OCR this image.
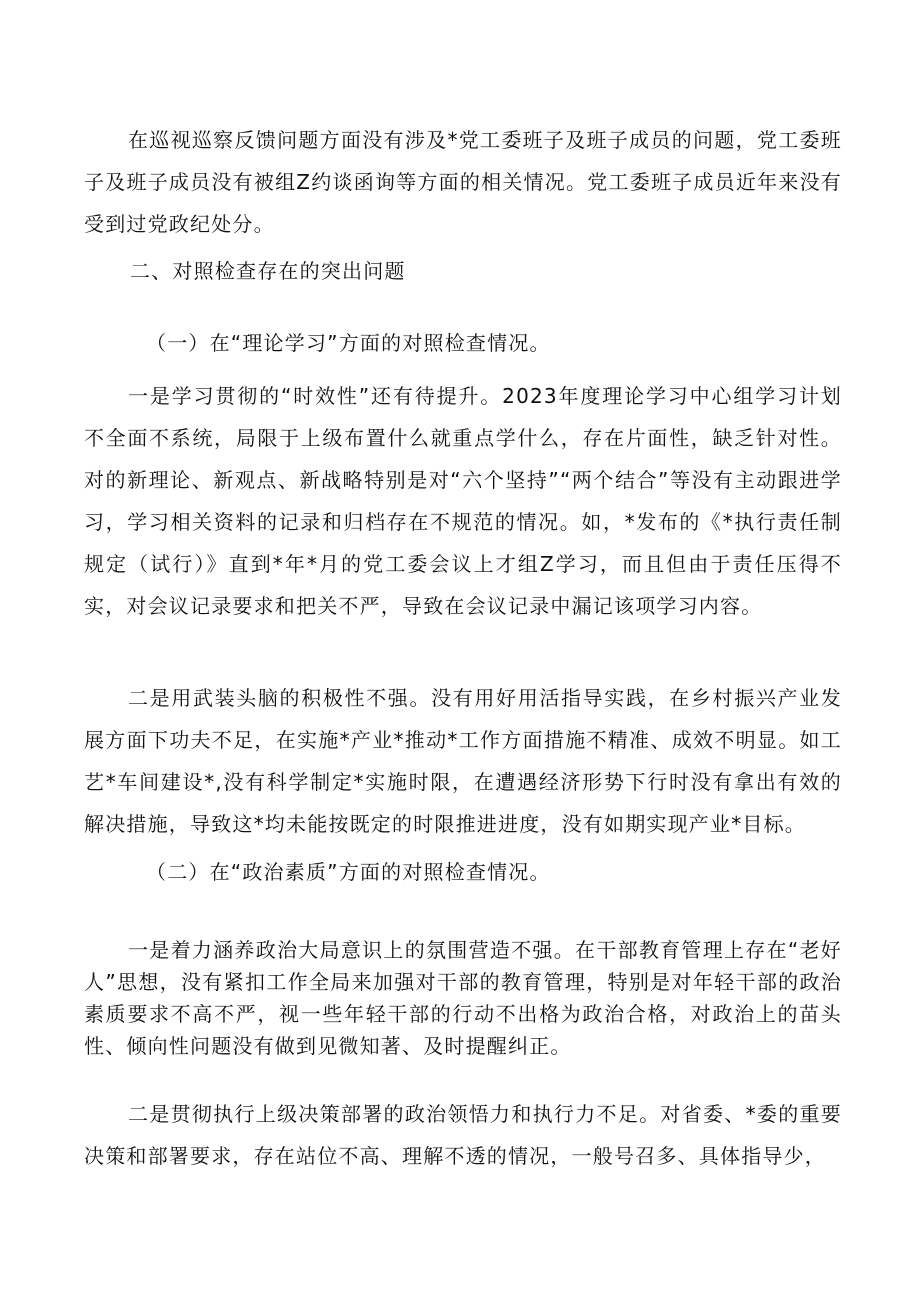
在巡视巡察反馈问题方面没有涉及*党工委班子及班子成员的问题，党工委班子及班子成员没有被组Z约谈函询等方面的相关情况。党工委班子成员近年来没有受到过党政纪处分。

二、对照检查存在的突出问题

（一）在“理论学习”方面的对照检查情况。

一是学习贯彻的“时效性”还有待提升。2023年度理论学习中心组学习计划不全面不系统，局限于上级布置什么就重点学什么，存在片面性，缺乏针对性。对的新理论、新观点、新战略特别是对“六个坚持”“两个结合”等没有主动跟进学习，学习相关资料的记录和归档存在不规范的情况。如，*发布的《*执行责任制规定（试行）》直到*年*月的党工委会议上才组Z学习，而且但由于责任压得不实，对会议记录要求和把关不严，导致在会议记录中漏记该项学习内容。

二是用武装头脑的积极性不强。没有用好用活指导实践，在乡村振兴产业发展方面下功夫不足，在实施*产业*推动*工作方面措施不精准、成效不明显。如工艺*车间建设*,没有科学制定*实施时限，在遭遇经济形势下行时没有拿出有效的解决措施，导致这*均未能按既定的时限推进进度，没有如期实现产业*目标。

（二）在“政治素质”方面的对照检查情况。

一是着力涵养政治大局意识上的氛围营造不强。在干部教育管理上存在“老好人”思想，没有紧扣工作全局来加强对干部的教育管理，特别是对年轻干部的政治素质要求不高不严，视一些年轻干部的行动不出格为政治合格，对政治上的苗头性、倾向性问题没有做到见微知著、及时提醒纠正。

二是贯彻执行上级决策部署的政治领悟力和执行力不足。对省委、*委的重要决策和部署要求，存在站位不高、理解不透的情况，一般号召多、具体指导少，
